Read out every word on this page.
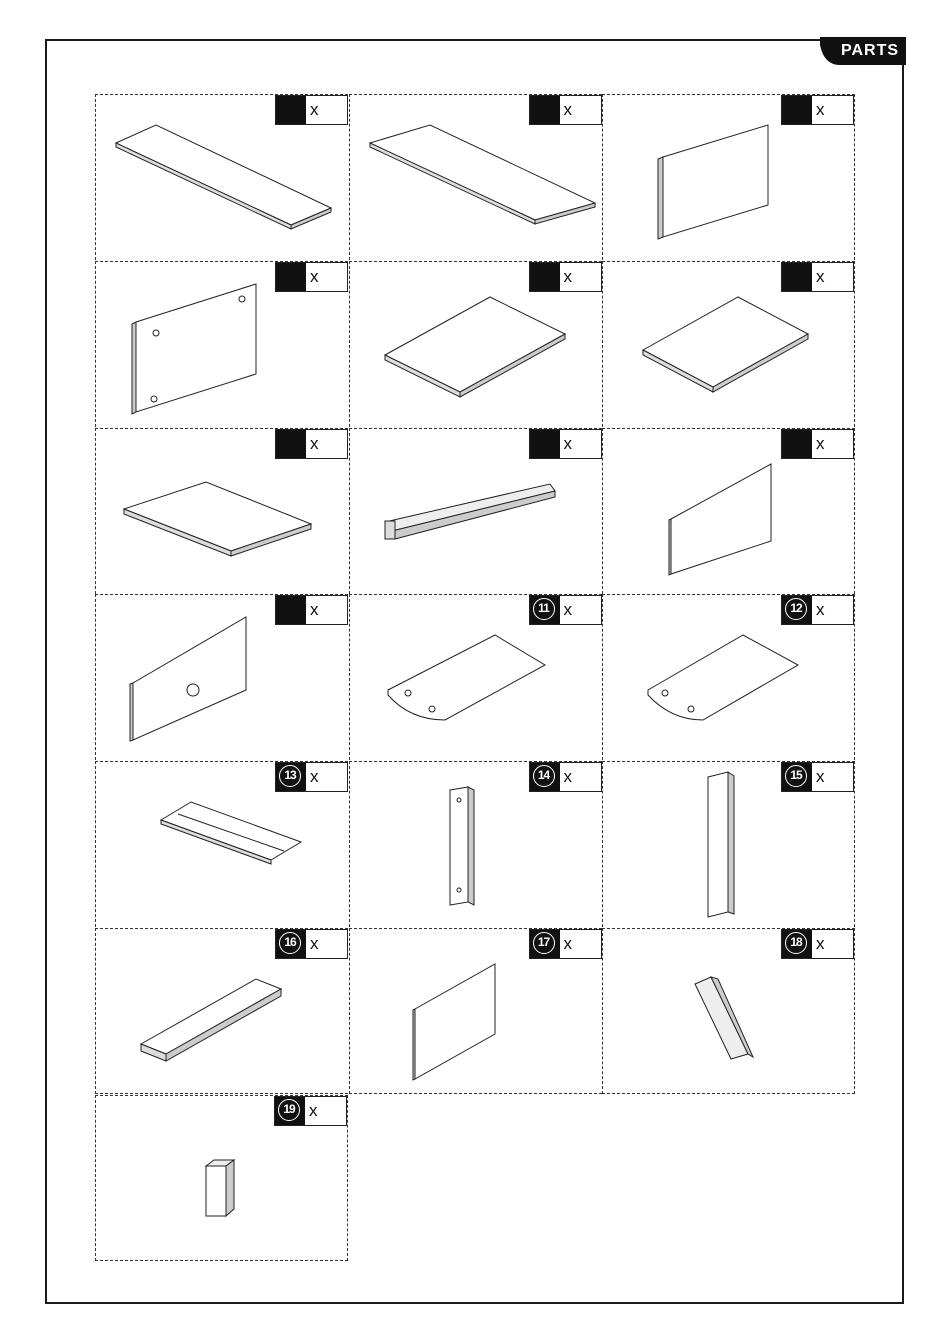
PARTS
x	x	x
x	x	x
x	x	x
x	11 x	12 x
13 x	14 x	15 x
16 x	17 x	18 x
19 x
